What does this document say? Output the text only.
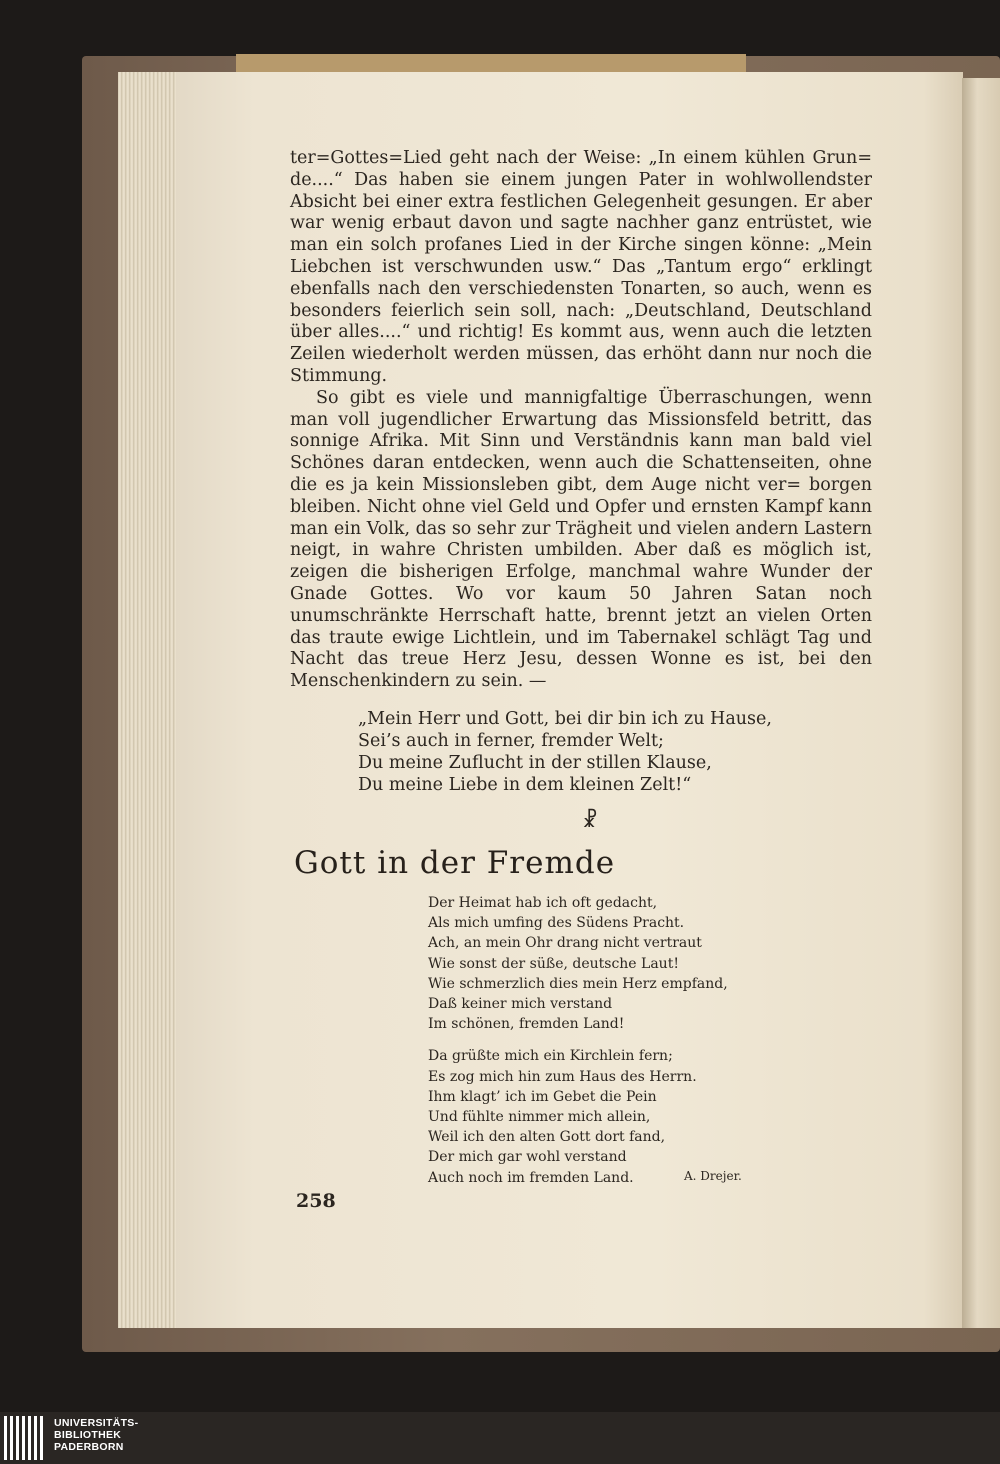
ter=Gottes=Lied geht nach der Weise: „In einem kühlen Grun= de....“ Das haben sie einem jungen Pater in wohlwollendster Absicht bei einer extra festlichen Gelegenheit gesungen. Er aber war wenig erbaut davon und sagte nachher ganz entrüstet, wie man ein solch profanes Lied in der Kirche singen könne: „Mein Liebchen ist verschwunden usw.“ Das „Tantum ergo“ erklingt ebenfalls nach den verschiedensten Tonarten, so auch, wenn es besonders feierlich sein soll, nach: „Deutschland, Deutschland über alles....“ und richtig! Es kommt aus, wenn auch die letzten Zeilen wiederholt werden müssen, das erhöht dann nur noch die Stimmung.

So gibt es viele und mannigfaltige Überraschungen, wenn man voll jugendlicher Erwartung das Missionsfeld betritt, das sonnige Afrika. Mit Sinn und Verständnis kann man bald viel Schönes daran entdecken, wenn auch die Schattenseiten, ohne die es ja kein Missionsleben gibt, dem Auge nicht ver= borgen bleiben. Nicht ohne viel Geld und Opfer und ernsten Kampf kann man ein Volk, das so sehr zur Trägheit und vielen andern Lastern neigt, in wahre Christen umbilden. Aber daß es möglich ist, zeigen die bisherigen Erfolge, manchmal wahre Wunder der Gnade Gottes. Wo vor kaum 50 Jahren Satan noch unumschränkte Herrschaft hatte, brennt jetzt an vielen Orten das traute ewige Lichtlein, und im Tabernakel schlägt Tag und Nacht das treue Herz Jesu, dessen Wonne es ist, bei den Menschenkindern zu sein. —

„Mein Herr und Gott, bei dir bin ich zu Hause,
Sei’s auch in ferner, fremder Welt;
Du meine Zuflucht in der stillen Klause,
Du meine Liebe in dem kleinen Zelt!“
☧
Gott in der Fremde
Der Heimat hab ich oft gedacht,
Als mich umfing des Südens Pracht.
Ach, an mein Ohr drang nicht vertraut
Wie sonst der süße, deutsche Laut!
Wie schmerzlich dies mein Herz empfand,
Daß keiner mich verstand
Im schönen, fremden Land!
Da grüßte mich ein Kirchlein fern;
Es zog mich hin zum Haus des Herrn.
Ihm klagt’ ich im Gebet die Pein
Und fühlte nimmer mich allein,
Weil ich den alten Gott dort fand,
Der mich gar wohl verstand
Auch noch im fremden Land.	A. Drejer.
258
UNIVERSITÄTS-
BIBLIOTHEK
PADERBORN
